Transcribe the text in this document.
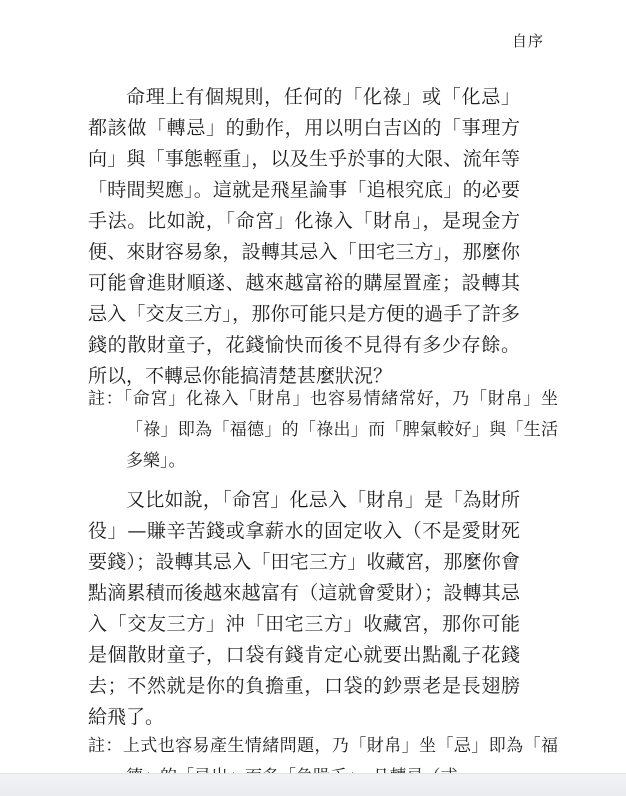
自序

命理上有個規則，任何的「化祿」或「化忌」都該做「轉忌」的動作，用以明白吉凶的「事理方向」與「事態輕重」，以及生乎於事的大限、流年等「時間契應」。這就是飛星論事「追根究底」的必要手法。比如說，「命宮」化祿入「財帛」，是現金方便、來財容易象，設轉其忌入「田宅三方」，那麼你可能會進財順遂、越來越富裕的購屋置產；設轉其忌入「交友三方」，那你可能只是方便的過手了許多錢的散財童子，花錢愉快而後不見得有多少存餘。所以，不轉忌你能搞清楚甚麼狀況？

註：「命宮」化祿入「財帛」也容易情緒常好，乃「財帛」坐「祿」即為「福德」的「祿出」而「脾氣較好」與「生活多樂」。

又比如說，「命宮」化忌入「財帛」是「為財所役」—賺辛苦錢或拿薪水的固定收入（不是愛財死要錢）；設轉其忌入「田宅三方」收藏宮，那麼你會點滴累積而後越來越富有（這就會愛財）；設轉其忌入「交友三方」沖「田宅三方」收藏宮，那你可能是個散財童子，口袋有錢肯定心就要出點亂子花錢去；不然就是你的負擔重，口袋的鈔票老是長翅膀給飛了。

註：上式也容易產生情緒問題，乃「財帛」坐「忌」即為「福
